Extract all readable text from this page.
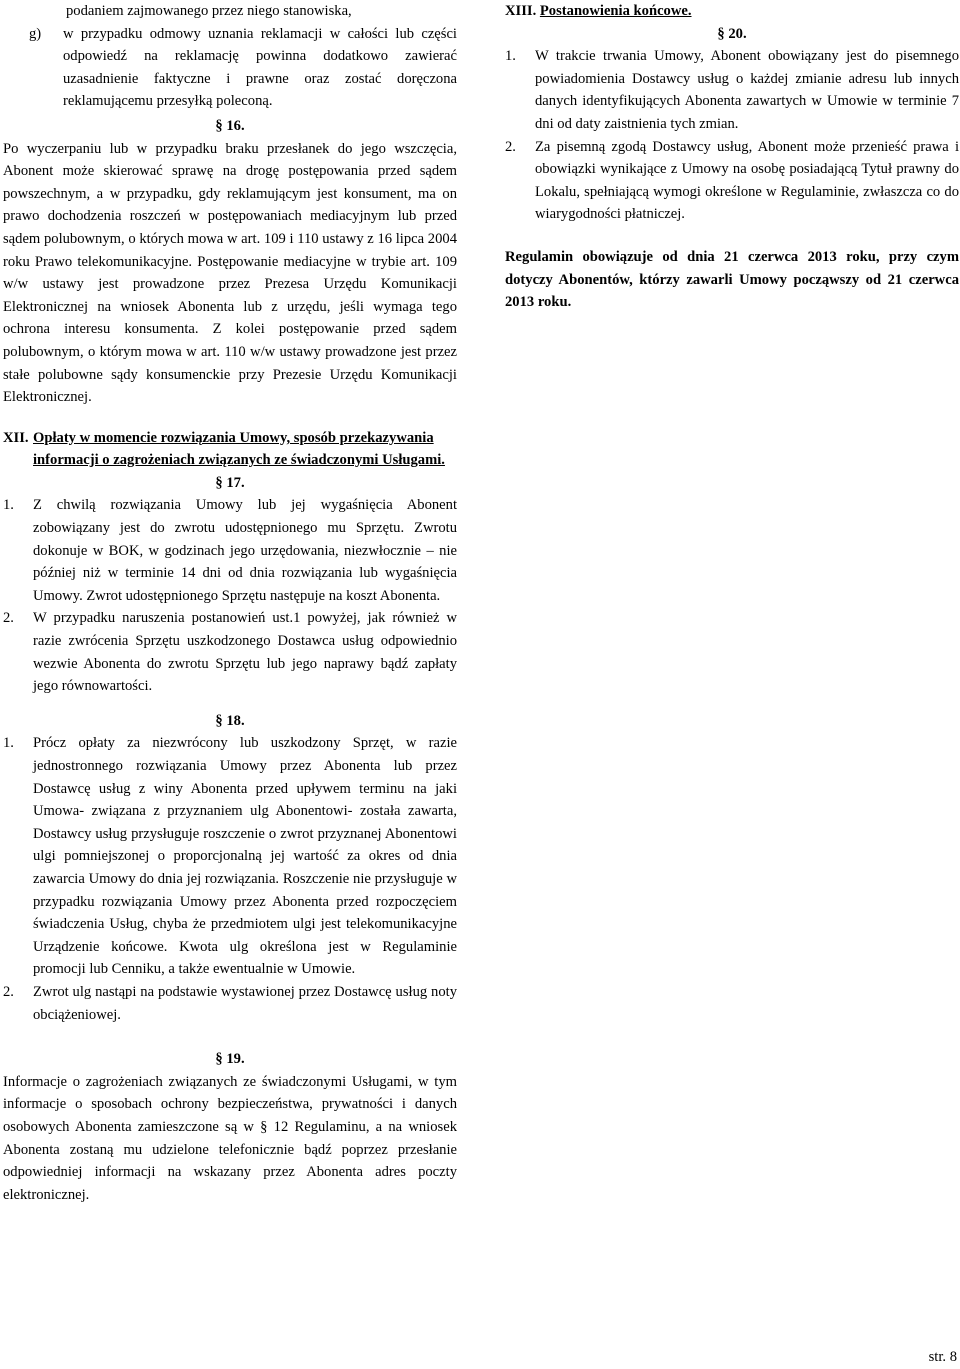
podaniem zajmowanego przez niego stanowiska,

g)	w przypadku odmowy uznania reklamacji w całości lub części odpowiedź na reklamację powinna dodatkowo zawierać uzasadnienie faktyczne i prawne oraz zostać doręczona reklamującemu przesyłką poleconą.

§ 16.

Po wyczerpaniu lub w przypadku braku przesłanek do jego wszczęcia, Abonent może skierować sprawę na drogę postępowania przed sądem powszechnym, a w przypadku, gdy reklamującym jest konsument, ma on prawo dochodzenia roszczeń w postępowaniach mediacyjnym lub przed sądem polubownym, o których mowa w art. 109 i 110 ustawy z 16 lipca 2004 roku Prawo telekomunikacyjne. Postępowanie mediacyjne w trybie art. 109 w/w ustawy jest prowadzone przez Prezesa Urzędu Komunikacji Elektronicznej na wniosek Abonenta lub z urzędu, jeśli wymaga tego ochrona interesu konsumenta. Z kolei postępowanie przed sądem polubownym, o którym mowa w art. 110 w/w ustawy prowadzone jest przez stałe polubowne sądy konsumenckie przy Prezesie Urzędu Komunikacji Elektronicznej.

XII. Opłaty w momencie rozwiązania Umowy, sposób przekazywania informacji o zagrożeniach związanych ze świadczonymi Usługami.

§ 17.

1. Z chwilą rozwiązania Umowy lub jej wygaśnięcia Abonent zobowiązany jest do zwrotu udostępnionego mu Sprzętu. Zwrotu dokonuje w BOK, w godzinach jego urzędowania, niezwłocznie – nie później niż w terminie 14 dni od dnia rozwiązania lub wygaśnięcia Umowy. Zwrot udostępnionego Sprzętu następuje na koszt Abonenta.

2. W przypadku naruszenia postanowień ust.1 powyżej, jak również w razie zwrócenia Sprzętu uszkodzonego Dostawca usług odpowiednio wezwie Abonenta do zwrotu Sprzętu lub jego naprawy bądź zapłaty jego równowartości.

§ 18.

1. Prócz opłaty za niezwrócony lub uszkodzony Sprzęt, w razie jednostronnego rozwiązania Umowy przez Abonenta lub przez Dostawcę usług z winy Abonenta przed upływem terminu na jaki Umowa- związana z przyznaniem ulg Abonentowi- została zawarta, Dostawcy usług przysługuje roszczenie o zwrot przyznanej Abonentowi ulgi pomniejszonej o proporcjonalną jej wartość za okres od dnia zawarcia Umowy do dnia jej rozwiązania. Roszczenie nie przysługuje w przypadku rozwiązania Umowy przez Abonenta przed rozpoczęciem świadczenia Usług, chyba że przedmiotem ulgi jest telekomunikacyjne Urządzenie końcowe. Kwota ulg określona jest w Regulaminie promocji lub Cenniku, a także ewentualnie w Umowie.

2. Zwrot ulg nastąpi na podstawie wystawionej przez Dostawcę usług noty obciążeniowej.

§ 19.

Informacje o zagrożeniach związanych ze świadczonymi Usługami, w tym informacje o sposobach ochrony bezpieczeństwa, prywatności i danych osobowych Abonenta zamieszczone są w § 12 Regulaminu, a na wniosek Abonenta zostaną mu udzielone telefonicznie bądź poprzez przesłanie odpowiedniej informacji na wskazany przez Abonenta adres poczty elektronicznej.

XIII. Postanowienia końcowe.

§ 20.

1. W trakcie trwania Umowy, Abonent obowiązany jest do pisemnego powiadomienia Dostawcy usług o każdej zmianie adresu lub innych danych identyfikujących Abonenta zawartych w Umowie w terminie 7 dni od daty zaistnienia tych zmian.

2. Za pisemną zgodą Dostawcy usług, Abonent może przenieść prawa i obowiązki wynikające z Umowy na osobę posiadającą Tytuł prawny do Lokalu, spełniającą wymogi określone w Regulaminie, zwłaszcza co do wiarygodności płatniczej.

Regulamin obowiązuje od dnia 21 czerwca 2013 roku, przy czym dotyczy Abonentów, którzy zawarli Umowy począwszy od 21 czerwca 2013 roku.

str. 8
